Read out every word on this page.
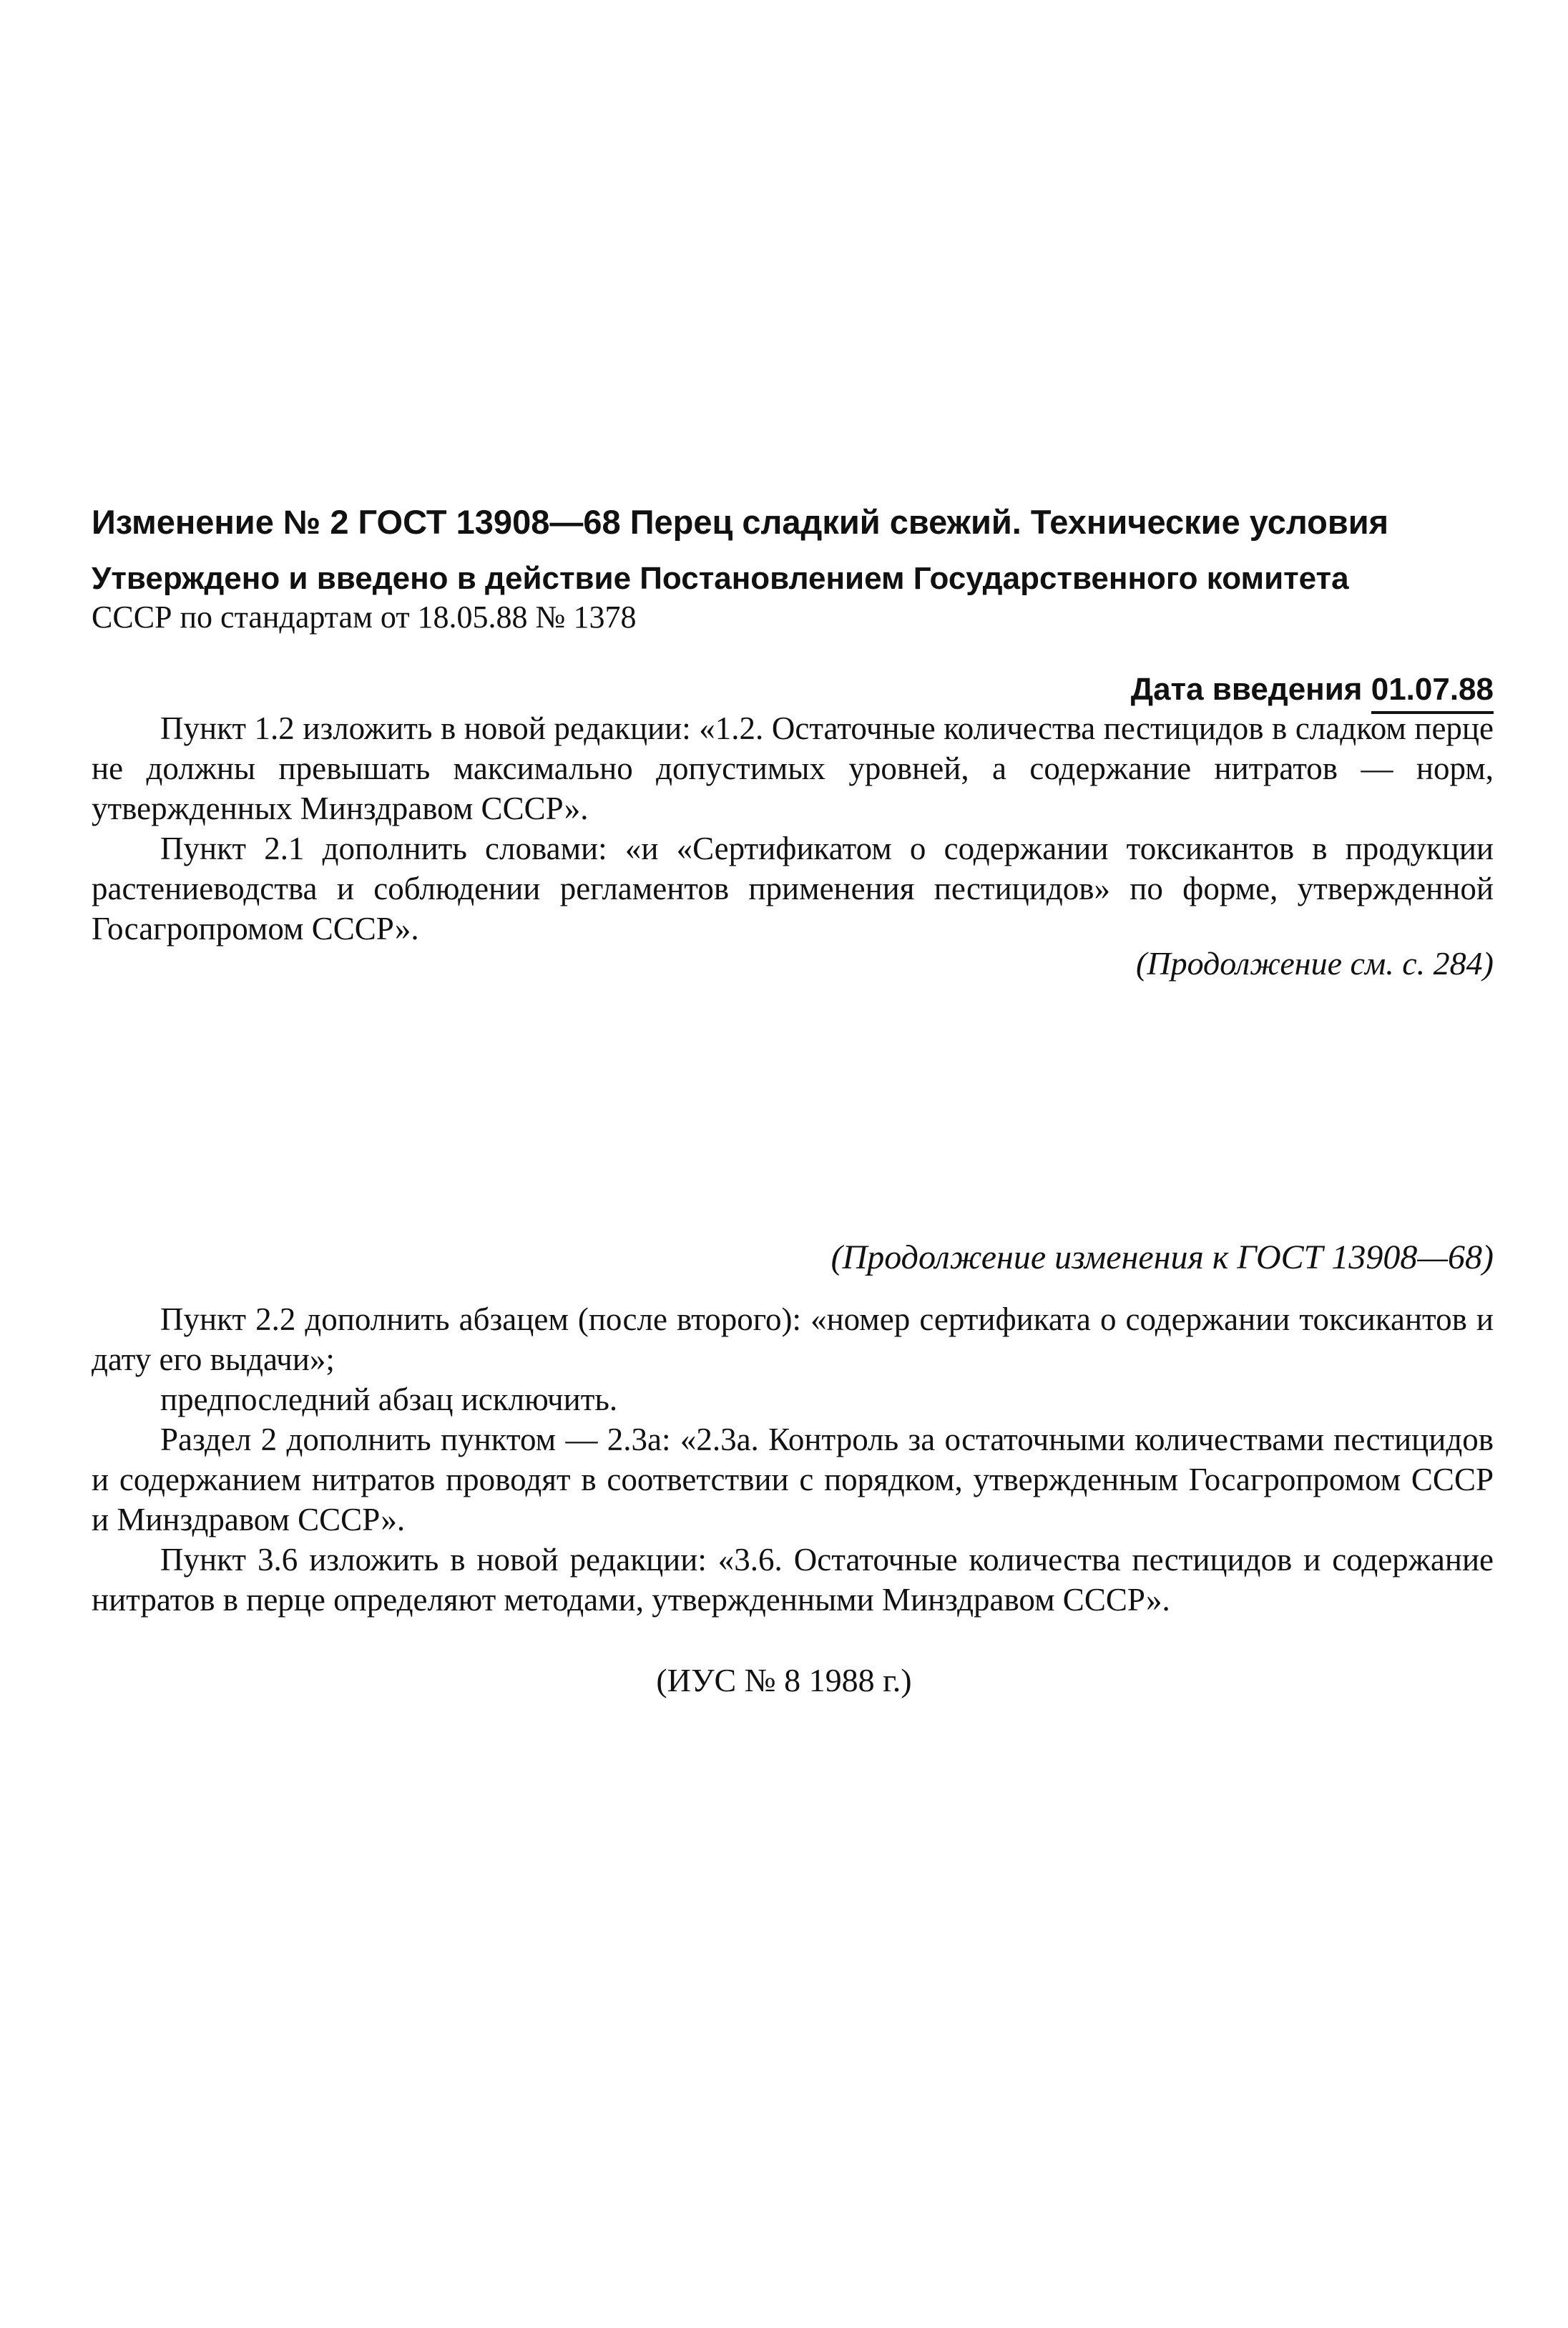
Изменение № 2 ГОСТ 13908—68 Перец сладкий свежий. Технические условия
Утверждено и введено в действие Постановлением Государственного комитета
СССР по стандартам от 18.05.88 № 1378
Дата введения 01.07.88

Пункт 1.2 изложить в новой редакции: «1.2. Остаточные количества пестицидов в сладком перце не должны превышать максимально допустимых уровней, а содержание нитратов — норм, утвержденных Минздравом СССР».

Пункт 2.1 дополнить словами: «и «Сертификатом о содержании токсикантов в продукции растениеводства и соблюдении регламентов применения пестицидов» по форме, утвержденной Госагропромом СССР».

(Продолжение см. с. 284)
(Продолжение изменения к ГОСТ 13908—68)

Пункт 2.2 дополнить абзацем (после второго): «номер сертификата о содержании токсикантов и дату его выдачи»;

предпоследний абзац исключить.

Раздел 2 дополнить пунктом — 2.3а: «2.3а. Контроль за остаточными количествами пестицидов и содержанием нитратов проводят в соответствии с порядком, утвержденным Госагропромом СССР и Минздравом СССР».

Пункт 3.6 изложить в новой редакции: «3.6. Остаточные количества пестицидов и содержание нитратов в перце определяют методами, утвержденными Минздравом СССР».

(ИУС № 8 1988 г.)
